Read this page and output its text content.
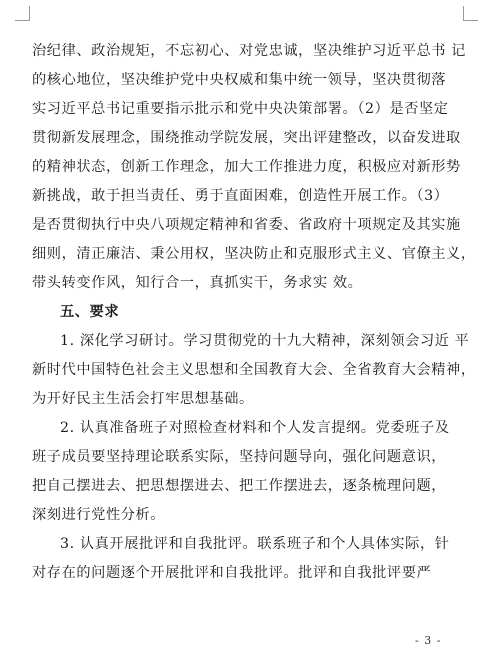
治纪律、政治规矩，不忘初心、对党忠诚，坚决维护习近平总书 记
的核心地位，坚决维护党中央权威和集中统一领导，坚决贯彻落
实习近平总书记重要指示批示和党中央决策部署。（2）是否坚定
贯彻新发展理念，围绕推动学院发展，突出评建整改，以奋发进取
的精神状态，创新工作理念，加大工作推进力度，积极应对新形势
新挑战，敢于担当责任、勇于直面困难，创造性开展工作。（3）
是否贯彻执行中央八项规定精神和省委、省政府十项规定及其实施
细则，清正廉洁、秉公用权，坚决防止和克服形式主义、官僚主义，
带头转变作风，知行合一，真抓实干，务求实 效。
五、要求
1. 深化学习研讨。学习贯彻党的十九大精神，深刻领会习近 平
新时代中国特色社会主义思想和全国教育大会、全省教育大会精神，
为开好民主生活会打牢思想基础。
2. 认真准备班子对照检查材料和个人发言提纲。党委班子及
班子成员要坚持理论联系实际，坚持问题导向，强化问题意识，
把自己摆进去、把思想摆进去、把工作摆进去，逐条梳理问题，
深刻进行党性分析。
3. 认真开展批评和自我批评。联系班子和个人具体实际，针
对存在的问题逐个开展批评和自我批评。批评和自我批评要严
- 3 -
